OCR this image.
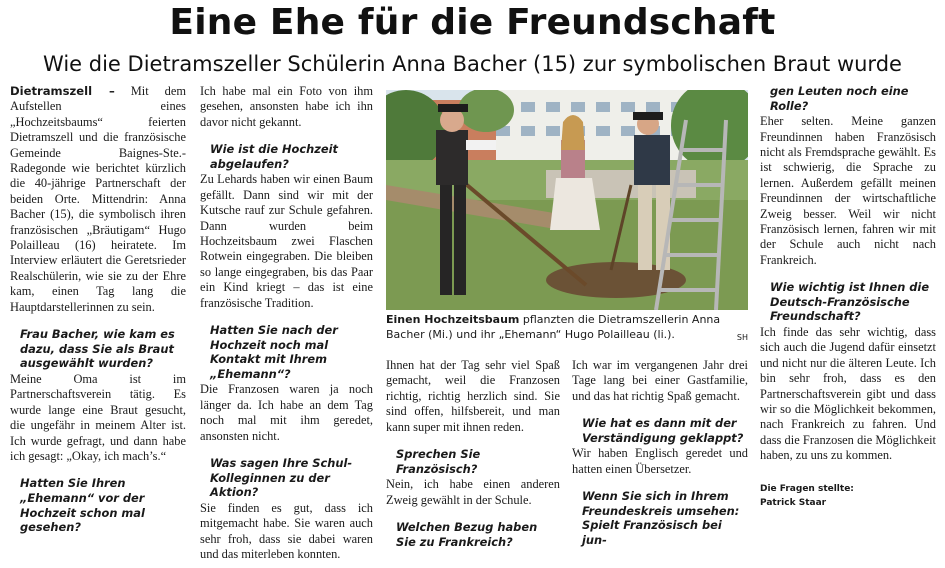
Eine Ehe für die Freundschaft
Wie die Dietramszeller Schülerin Anna Bacher (15) zur symbolischen Braut wurde

Dietramszell – Mit dem Aufstellen eines „Hochzeitsbaums“ feierten Dietramszell und die französische Gemeinde Baignes-Ste.-Radegonde wie berichtet kürzlich die 40-jährige Partnerschaft der beiden Orte. Mittendrin: Anna Bacher (15), die symbolisch ihren französischen „Bräutigam“ Hugo Polailleau (16) heiratete. Im Interview erläutert die Geretsrieder Realschülerin, wie sie zu der Ehre kam, einen Tag lang die Hauptdarstellerinnen zu sein.

Frau Bacher, wie kam es dazu, dass Sie als Braut ausgewählt wurden?

Meine Oma ist im Partnerschaftsverein tätig. Es wurde lange eine Braut gesucht, die ungefähr in meinem Alter ist. Ich wurde gefragt, und dann habe ich gesagt: „Okay, ich mach’s.“

Hatten Sie Ihren „Ehemann“ vor der Hochzeit schon mal gesehen?

Ich habe mal ein Foto von ihm gesehen, ansonsten habe ich ihn davor nicht gekannt.

Wie ist die Hochzeit abgelaufen?

Zu Lehards haben wir einen Baum gefällt. Dann sind wir mit der Kutsche rauf zur Schule gefahren. Dann wurden beim Hochzeitsbaum zwei Flaschen Rotwein eingegraben. Die bleiben so lange eingegraben, bis das Paar ein Kind kriegt – das ist eine französische Tradition.

Hatten Sie nach der Hochzeit noch mal Kontakt mit Ihrem „Ehemann“?

Die Franzosen waren ja noch länger da. Ich habe an dem Tag noch mal mit ihm geredet, ansonsten nicht.

Was sagen Ihre Schul-Kolleginnen zu der Aktion?

Sie finden es gut, dass ich mitgemacht habe. Sie waren auch sehr froh, dass sie dabei waren und das miterleben konnten.

Einen Hochzeitsbaum pflanzten die Dietramszellerin Anna Bacher (Mi.) und ihr „Ehemann“ Hugo Polailleau (li.).	SH

Ihnen hat der Tag sehr viel Spaß gemacht, weil die Franzosen richtig, richtig herzlich sind. Sie sind offen, hilfsbereit, und man kann super mit ihnen reden.

Sprechen Sie Französisch?

Nein, ich habe einen anderen Zweig gewählt in der Schule.

Welchen Bezug haben Sie zu Frankreich?

Ich war im vergangenen Jahr drei Tage lang bei einer Gastfamilie, und das hat richtig Spaß gemacht.

Wie hat es dann mit der Verständigung geklappt?

Wir haben Englisch geredet und hatten einen Übersetzer.

Wenn Sie sich in Ihrem Freundeskreis umsehen: Spielt Französisch bei jun-
gen Leuten noch eine Rolle?

Eher selten. Meine ganzen Freundinnen haben Französisch nicht als Fremdsprache gewählt. Es ist schwierig, die Sprache zu lernen. Außerdem gefällt meinen Freundinnen der wirtschaftliche Zweig besser. Weil wir nicht Französisch lernen, fahren wir mit der Schule auch nicht nach Frankreich.

Wie wichtig ist Ihnen die Deutsch-Französische Freundschaft?

Ich finde das sehr wichtig, dass sich auch die Jugend dafür einsetzt und nicht nur die älteren Leute. Ich bin sehr froh, dass es den Partnerschaftsverein gibt und dass wir so die Möglichkeit bekommen, nach Frankreich zu fahren. Und dass die Franzosen die Möglichkeit haben, zu uns zu kommen.

Die Fragen stellte:
Patrick Staar
